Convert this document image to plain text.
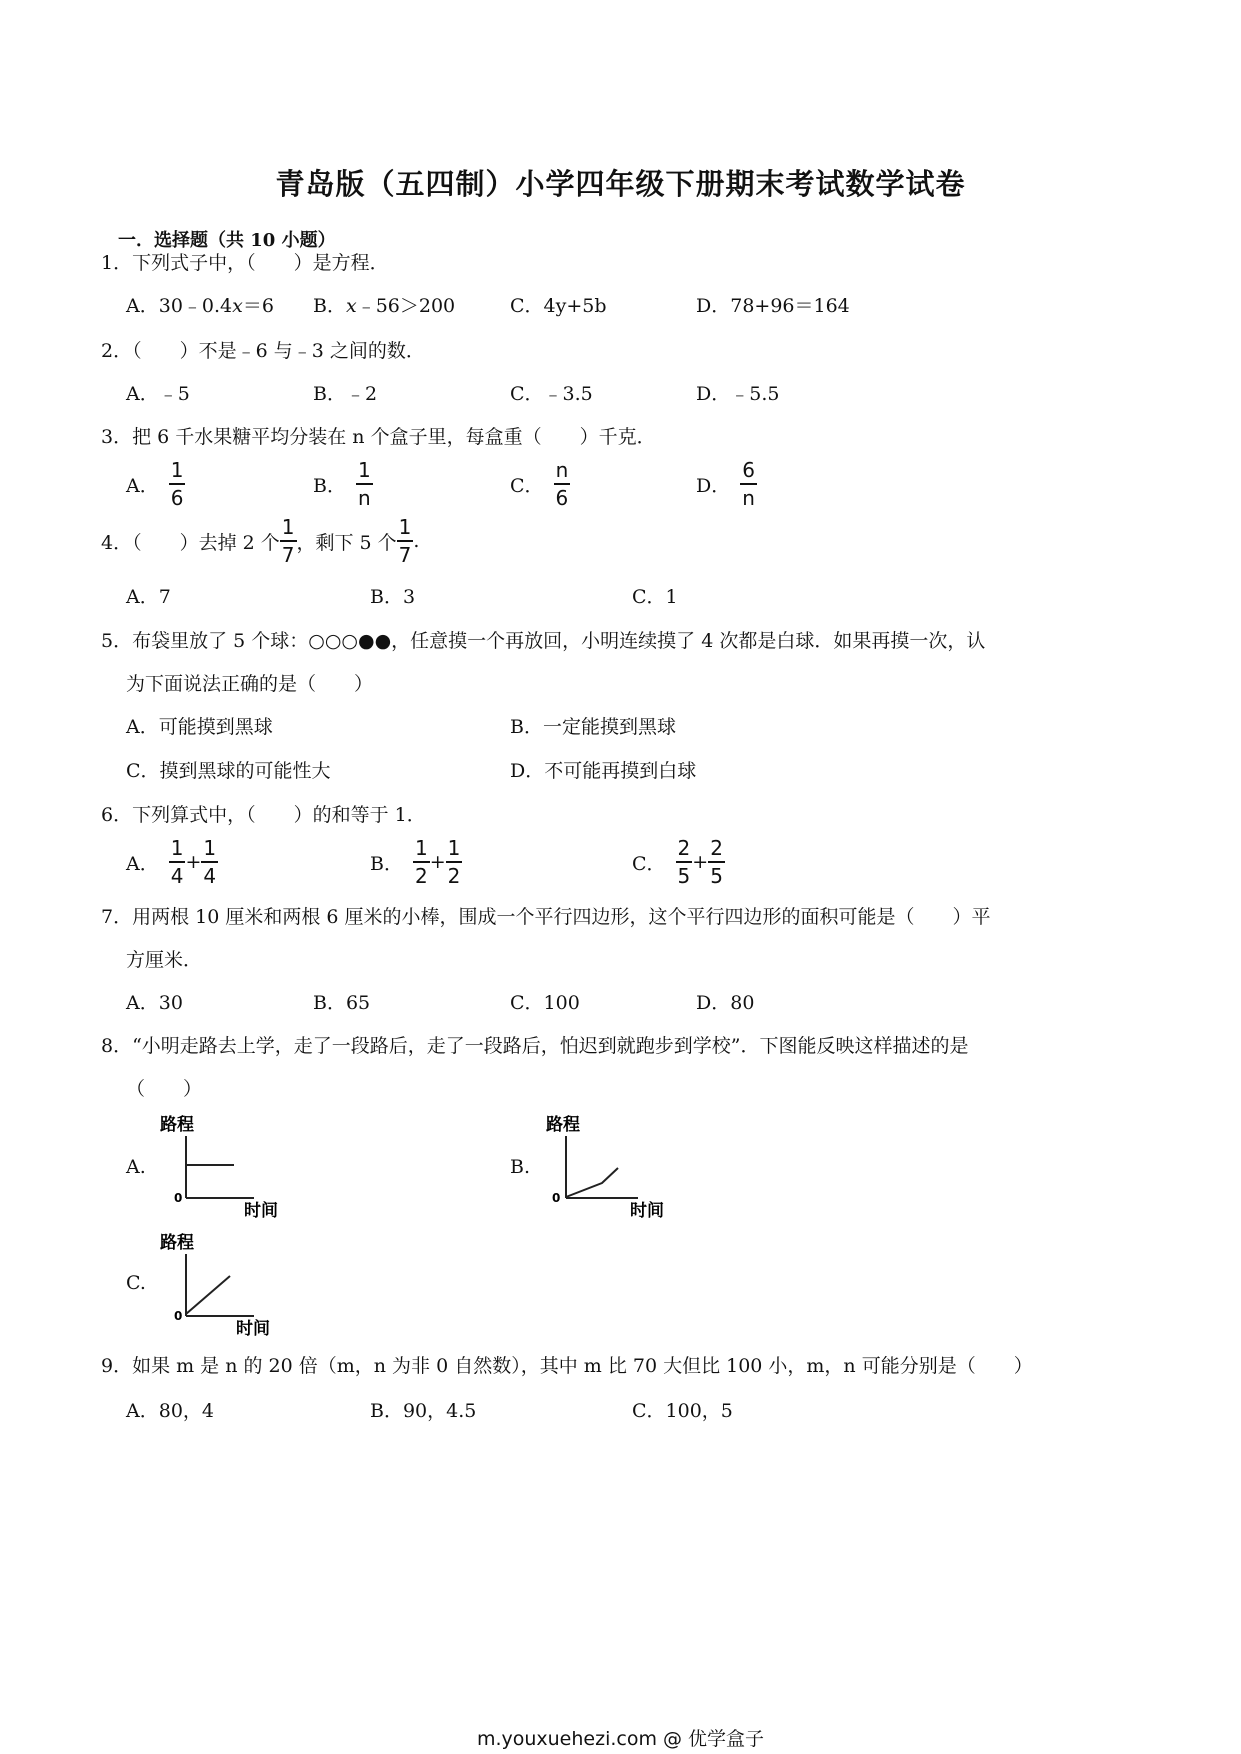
青岛版（五四制）小学四年级下册期末考试数学试卷
一．选择题（共 10 小题）
1．下列式子中，（　　）是方程．
A．30﹣0.4x＝6 B．x﹣56＞200	C．4y+5b	D．78+96＝164
2．（　　）不是﹣6 与﹣3 之间的数．
A．﹣5	B．﹣2	C．﹣3.5	D．﹣5.5
3．把 6 千水果糖平均分装在 n 个盒子里，每盒重（　　）千克．
A． $\frac{1}{6}$	B． $\frac{1}{n}$	C． $\frac{n}{6}$	D． $\frac{6}{n}$
4．（　　）去掉 2 个 $\frac{1}{7}$ ，剩下 5 个 $\frac{1}{7}$ .
A．7	B．3	C．1
5．布袋里放了 5 个球：○○○●●，任意摸一个再放回，小明连续摸了 4 次都是白球．如果再摸一次，认
为下面说法正确的是（　　）
A．可能摸到黑球	B．一定能摸到黑球
C．摸到黑球的可能性大	D．不可能再摸到白球
6．下列算式中，（　　）的和等于 1．
A． $\frac{1}{4} + \frac{1}{4}$	B． $\frac{1}{2} + \frac{1}{2}$	C． $\frac{2}{5} + \frac{2}{5}$
7．用两根 10 厘米和两根 6 厘米的小棒，围成一个平行四边形，这个平行四边形的面积可能是（　　）平
方厘米．
A．30	B．65	C．100	D．80
8．“小明走路去上学，走了一段路后，走了一段路后，怕迟到就跑步到学校”．下图能反映这样描述的是
（　　）
A.
路程
0
时间
B.
路程
0
时间
C.
路程
0
时间
9．如果 m 是 n 的 20 倍（m，n 为非 0 自然数），其中 m 比 70 大但比 100 小，m，n 可能分别是（　　）
A．80，4	B．90，4.5	C．100，5
m.youxuehezi.com @ 优学盒子
